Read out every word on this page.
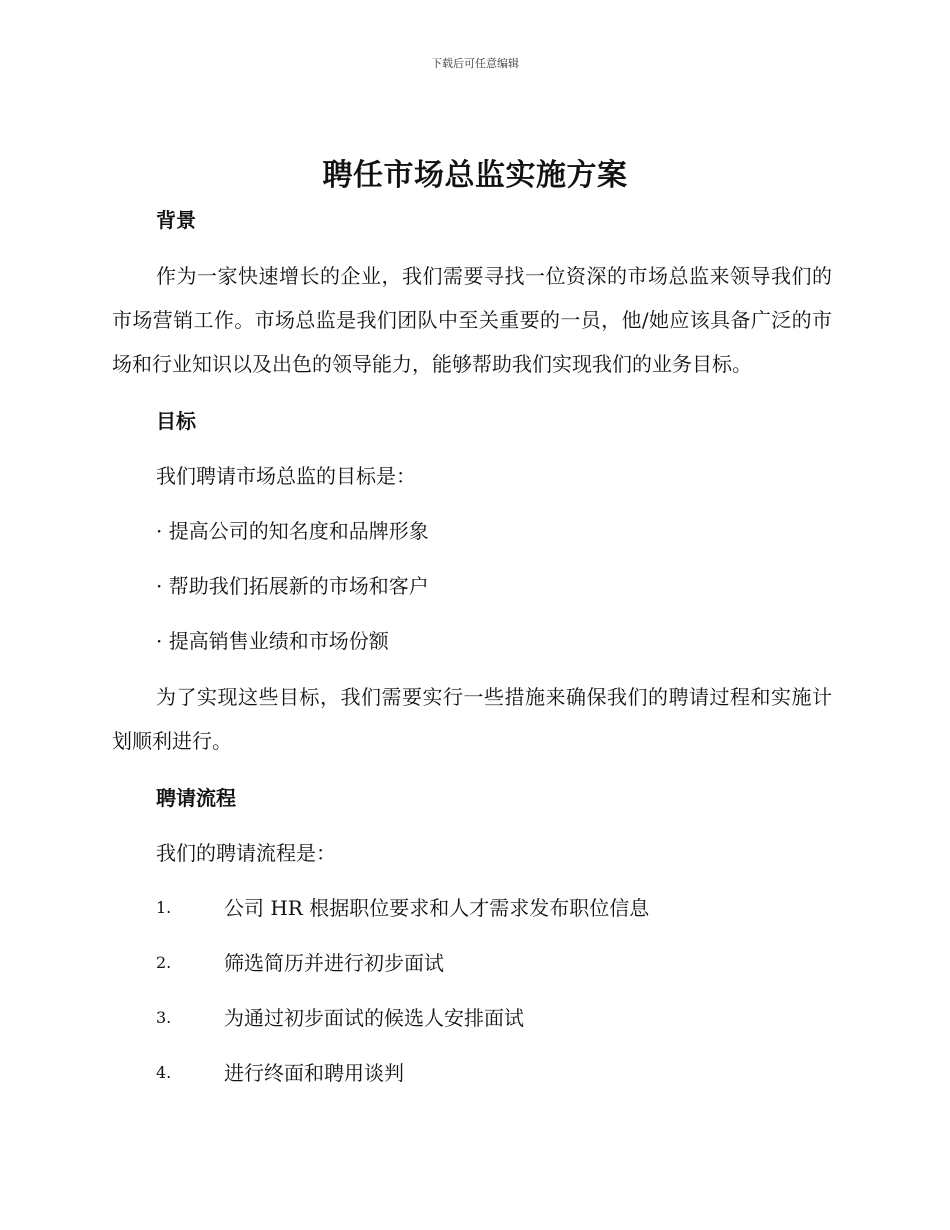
下载后可任意编辑
聘任市场总监实施方案
背景

作为一家快速增长的企业，我们需要寻找一位资深的市场总监来领导我们的市场营销工作。市场总监是我们团队中至关重要的一员，他/她应该具备广泛的市场和行业知识以及出色的领导能力，能够帮助我们实现我们的业务目标。

目标

我们聘请市场总监的目标是：

· 提高公司的知名度和品牌形象

· 帮助我们拓展新的市场和客户

· 提高销售业绩和市场份额

为了实现这些目标，我们需要实行一些措施来确保我们的聘请过程和实施计划顺利进行。

聘请流程

我们的聘请流程是：

1.	公司 HR 根据职位要求和人才需求发布职位信息
2.	筛选简历并进行初步面试
3.	为通过初步面试的候选人安排面试
4.	进行终面和聘用谈判
